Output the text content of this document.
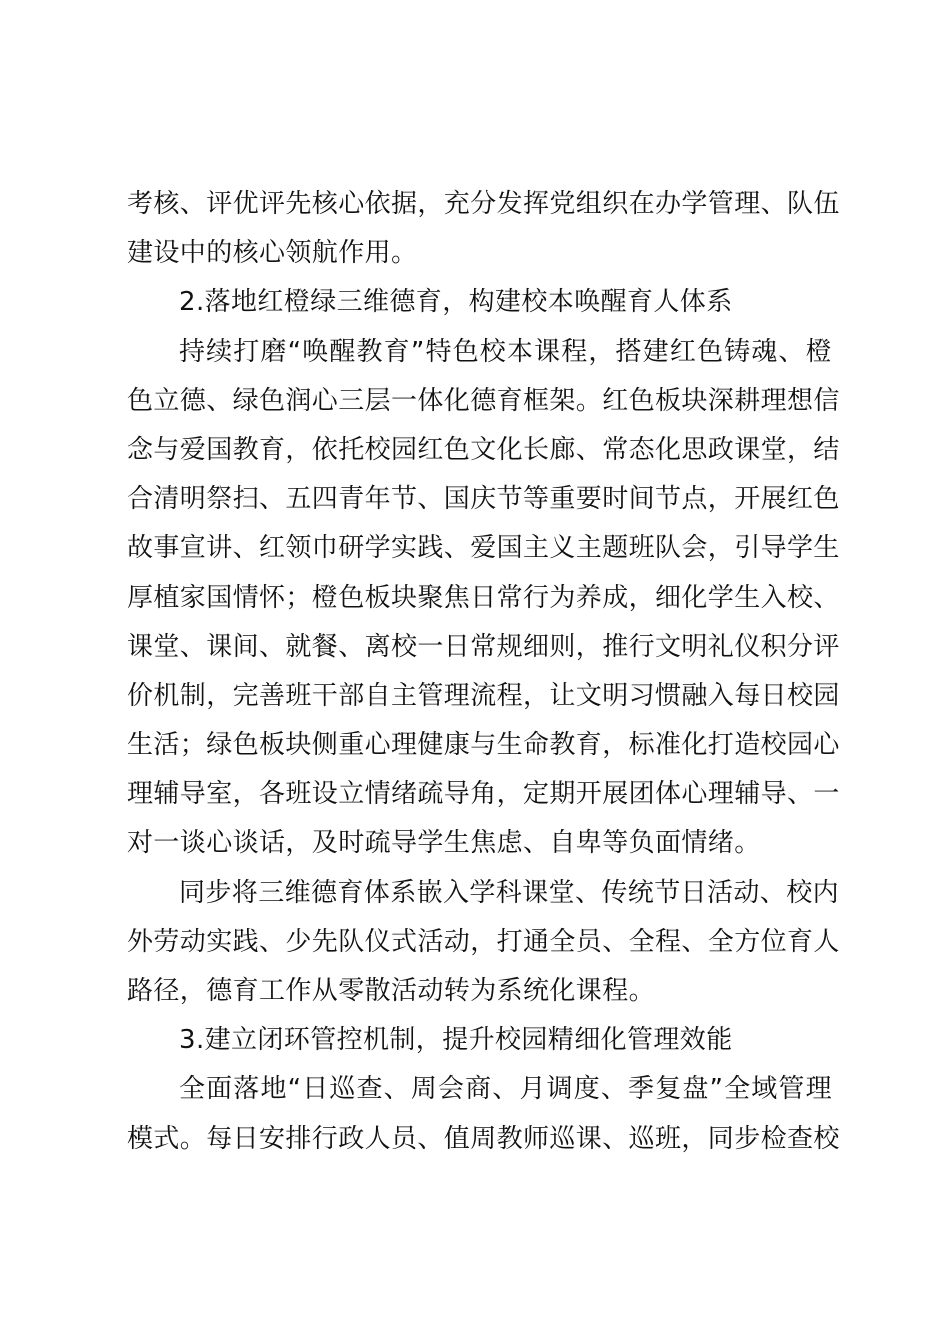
考核、评优评先核心依据，充分发挥党组织在办学管理、队伍
建设中的核心领航作用。
2.落地红橙绿三维德育，构建校本唤醒育人体系
持续打磨“唤醒教育”特色校本课程，搭建红色铸魂、橙
色立德、绿色润心三层一体化德育框架。红色板块深耕理想信
念与爱国教育，依托校园红色文化长廊、常态化思政课堂，结
合清明祭扫、五四青年节、国庆节等重要时间节点，开展红色
故事宣讲、红领巾研学实践、爱国主义主题班队会，引导学生
厚植家国情怀；橙色板块聚焦日常行为养成，细化学生入校、
课堂、课间、就餐、离校一日常规细则，推行文明礼仪积分评
价机制，完善班干部自主管理流程，让文明习惯融入每日校园
生活；绿色板块侧重心理健康与生命教育，标准化打造校园心
理辅导室，各班设立情绪疏导角，定期开展团体心理辅导、一
对一谈心谈话，及时疏导学生焦虑、自卑等负面情绪。
同步将三维德育体系嵌入学科课堂、传统节日活动、校内
外劳动实践、少先队仪式活动，打通全员、全程、全方位育人
路径，德育工作从零散活动转为系统化课程。
3.建立闭环管控机制，提升校园精细化管理效能
全面落地“日巡查、周会商、月调度、季复盘”全域管理
模式。每日安排行政人员、值周教师巡课、巡班，同步检查校
